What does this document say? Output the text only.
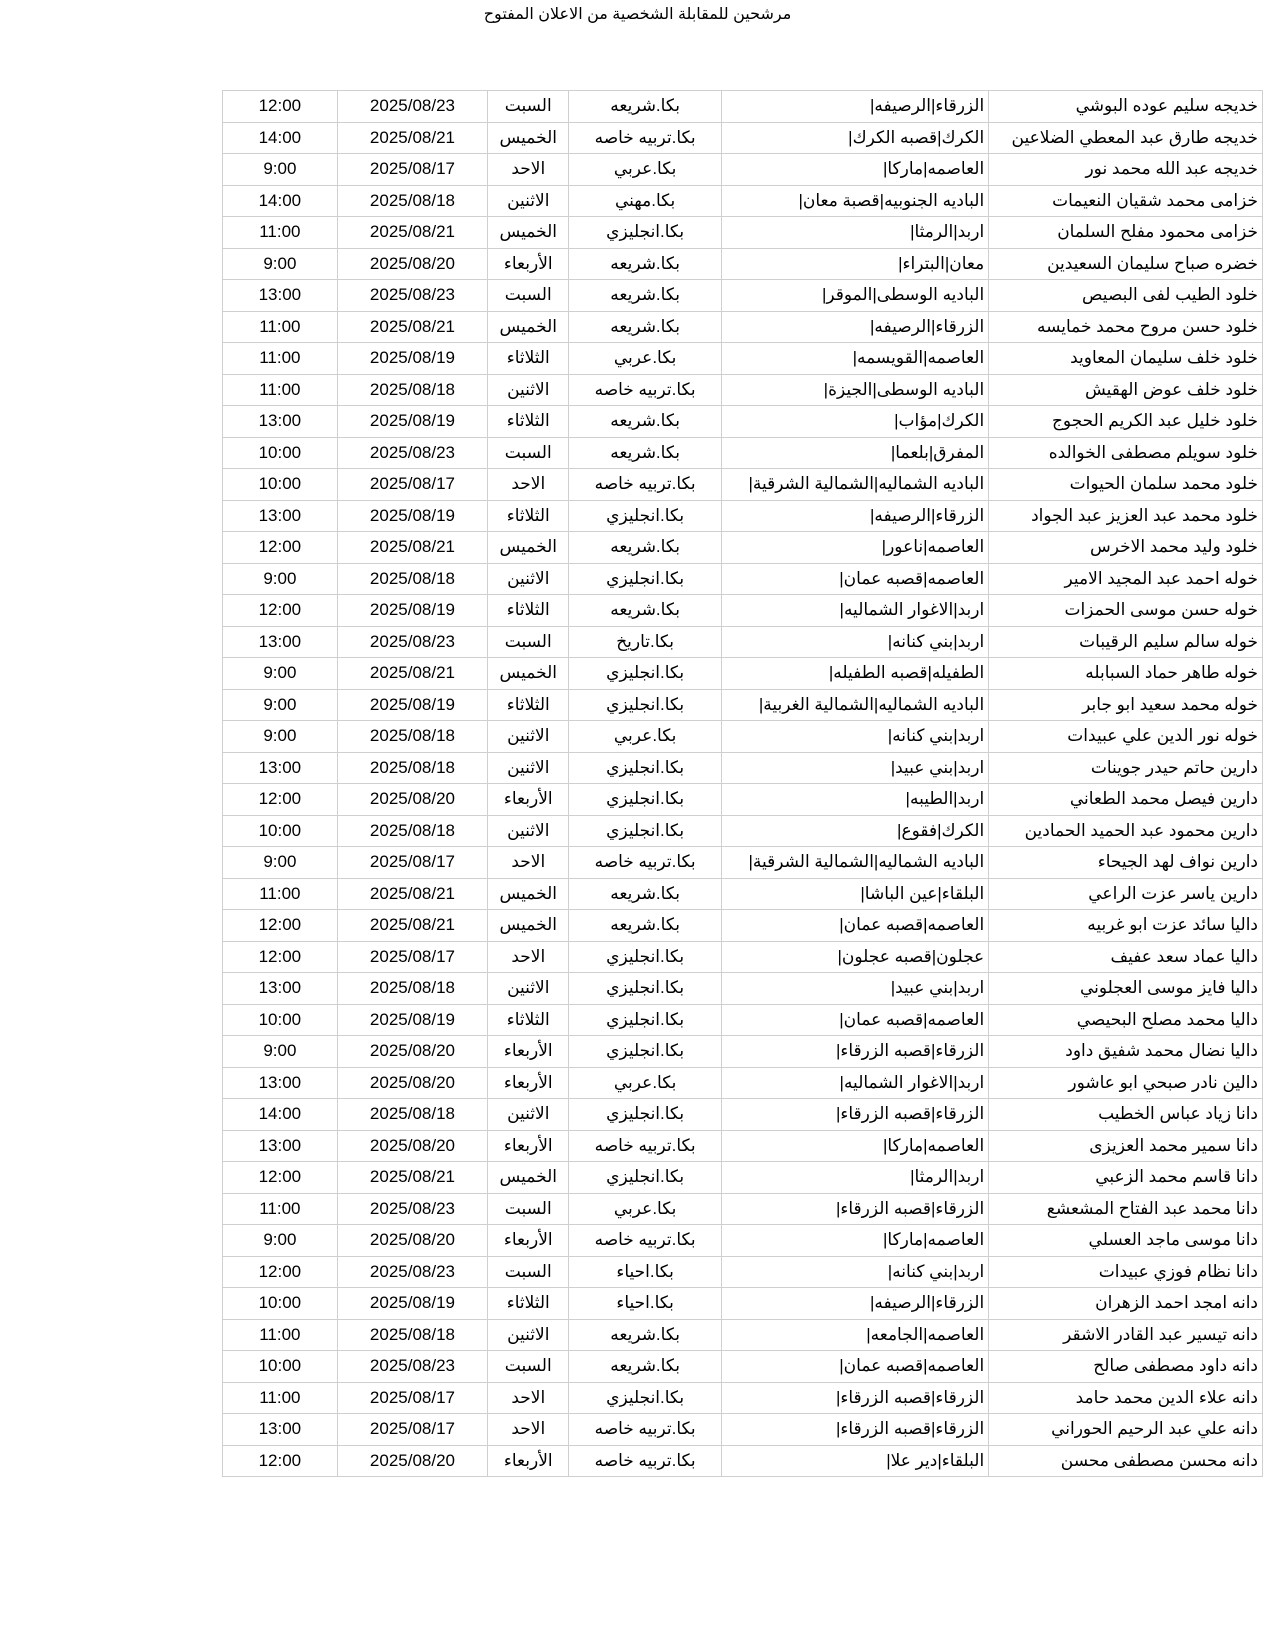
مرشحين للمقابلة الشخصية من الاعلان المفتوح
خديجه سليم عوده البوشي	الزرقاء|الرصيفه|	بكا.شريعه	السبت	2025/08/23	12:00
خديجه طارق عبد المعطي الضلاعين	الكرك|قصبه الكرك|	بكا.تربيه خاصه	الخميس	2025/08/21	14:00
خديجه عبد الله محمد نور	العاصمه|ماركا|	بكا.عربي	الاحد	2025/08/17	9:00
خزامى محمد شقيان النعيمات	الباديه الجنوبيه|قصبة معان|	بكا.مهني	الاثنين	2025/08/18	14:00
خزامى محمود مفلح السلمان	اربد|الرمثا|	بكا.انجليزي	الخميس	2025/08/21	11:00
خضره صباح سليمان السعيدين	معان|البتراء|	بكا.شريعه	الأربعاء	2025/08/20	9:00
خلود الطيب لفى البصيص	الباديه الوسطى|الموقر|	بكا.شريعه	السبت	2025/08/23	13:00
خلود حسن مروح محمد خمايسه	الزرقاء|الرصيفه|	بكا.شريعه	الخميس	2025/08/21	11:00
خلود خلف سليمان المعاويد	العاصمه|القويسمه|	بكا.عربي	الثلاثاء	2025/08/19	11:00
خلود خلف عوض الهقيش	الباديه الوسطى|الجيزة|	بكا.تربيه خاصه	الاثنين	2025/08/18	11:00
خلود خليل عبد الكريم الحجوج	الكرك|مؤاب|	بكا.شريعه	الثلاثاء	2025/08/19	13:00
خلود سويلم مصطفى الخوالده	المفرق|بلعما|	بكا.شريعه	السبت	2025/08/23	10:00
خلود محمد سلمان الحيوات	الباديه الشماليه|الشمالية الشرقية|	بكا.تربيه خاصه	الاحد	2025/08/17	10:00
خلود محمد عبد العزيز عبد الجواد	الزرقاء|الرصيفه|	بكا.انجليزي	الثلاثاء	2025/08/19	13:00
خلود وليد محمد الاخرس	العاصمه|ناعور|	بكا.شريعه	الخميس	2025/08/21	12:00
خوله احمد عبد المجيد الامير	العاصمه|قصبه عمان|	بكا.انجليزي	الاثنين	2025/08/18	9:00
خوله حسن موسى الحمزات	اربد|الاغوار الشماليه|	بكا.شريعه	الثلاثاء	2025/08/19	12:00
خوله سالم سليم الرقيبات	اربد|بني كنانه|	بكا.تاريخ	السبت	2025/08/23	13:00
خوله طاهر حماد السبابله	الطفيله|قصبه الطفيله|	بكا.انجليزي	الخميس	2025/08/21	9:00
خوله محمد سعيد ابو جابر	الباديه الشماليه|الشمالية الغربية|	بكا.انجليزي	الثلاثاء	2025/08/19	9:00
خوله نور الدين علي عبيدات	اربد|بني كنانه|	بكا.عربي	الاثنين	2025/08/18	9:00
دارين حاتم حيدر جوينات	اربد|بني عبيد|	بكا.انجليزي	الاثنين	2025/08/18	13:00
دارين فيصل محمد الطعاني	اربد|الطيبه|	بكا.انجليزي	الأربعاء	2025/08/20	12:00
دارين محمود عبد الحميد الحمادين	الكرك|فقوع|	بكا.انجليزي	الاثنين	2025/08/18	10:00
دارين نواف لهد الجيحاء	الباديه الشماليه|الشمالية الشرقية|	بكا.تربيه خاصه	الاحد	2025/08/17	9:00
دارين ياسر عزت الراعي	البلقاء|عين الباشا|	بكا.شريعه	الخميس	2025/08/21	11:00
داليا سائد عزت ابو غربيه	العاصمه|قصبه عمان|	بكا.شريعه	الخميس	2025/08/21	12:00
داليا عماد سعد عفيف	عجلون|قصبه عجلون|	بكا.انجليزي	الاحد	2025/08/17	12:00
داليا فايز موسى العجلوني	اربد|بني عبيد|	بكا.انجليزي	الاثنين	2025/08/18	13:00
داليا محمد مصلح البحيصي	العاصمه|قصبه عمان|	بكا.انجليزي	الثلاثاء	2025/08/19	10:00
داليا نضال محمد شفيق داود	الزرقاء|قصبه الزرقاء|	بكا.انجليزي	الأربعاء	2025/08/20	9:00
دالين نادر صبحي ابو عاشور	اربد|الاغوار الشماليه|	بكا.عربي	الأربعاء	2025/08/20	13:00
دانا زياد عباس الخطيب	الزرقاء|قصبه الزرقاء|	بكا.انجليزي	الاثنين	2025/08/18	14:00
دانا سمير محمد العزيزى	العاصمه|ماركا|	بكا.تربيه خاصه	الأربعاء	2025/08/20	13:00
دانا قاسم محمد الزعبي	اربد|الرمثا|	بكا.انجليزي	الخميس	2025/08/21	12:00
دانا محمد عبد الفتاح المشعشع	الزرقاء|قصبه الزرقاء|	بكا.عربي	السبت	2025/08/23	11:00
دانا موسى ماجد العسلي	العاصمه|ماركا|	بكا.تربيه خاصه	الأربعاء	2025/08/20	9:00
دانا نظام فوزي عبيدات	اربد|بني كنانه|	بكا.احياء	السبت	2025/08/23	12:00
دانه امجد احمد الزهران	الزرقاء|الرصيفه|	بكا.احياء	الثلاثاء	2025/08/19	10:00
دانه تيسير عبد القادر الاشقر	العاصمه|الجامعه|	بكا.شريعه	الاثنين	2025/08/18	11:00
دانه داود مصطفى صالح	العاصمه|قصبه عمان|	بكا.شريعه	السبت	2025/08/23	10:00
دانه علاء الدين محمد حامد	الزرقاء|قصبه الزرقاء|	بكا.انجليزي	الاحد	2025/08/17	11:00
دانه علي عبد الرحيم الحوراني	الزرقاء|قصبه الزرقاء|	بكا.تربيه خاصه	الاحد	2025/08/17	13:00
دانه محسن مصطفى محسن	البلقاء|دير علا|	بكا.تربيه خاصه	الأربعاء	2025/08/20	12:00
